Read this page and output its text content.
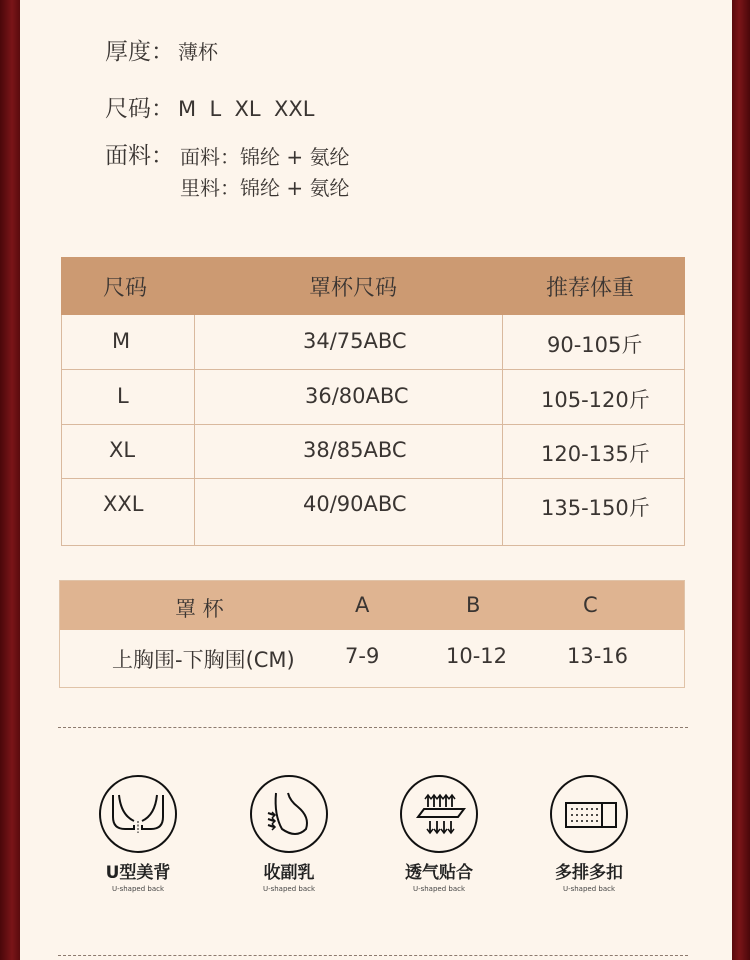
厚度： 薄杯
尺码： M  L  XL  XXL
面料： 面料：锦纶 + 氨纶
里料：锦纶 + 氨纶
尺码	罩杯尺码	推荐体重
M	34/75ABC	90-105斤
L	36/80ABC	105-120斤
XL	38/85ABC	120-135斤
XXL	40/90ABC	135-150斤
罩 杯	A	B	C
上胸围-下胸围(CM) 7-9	10-12	13-16
U型美背
U-shaped back
收副乳
U-shaped back
透气贴合
U-shaped back
多排多扣
U-shaped back
